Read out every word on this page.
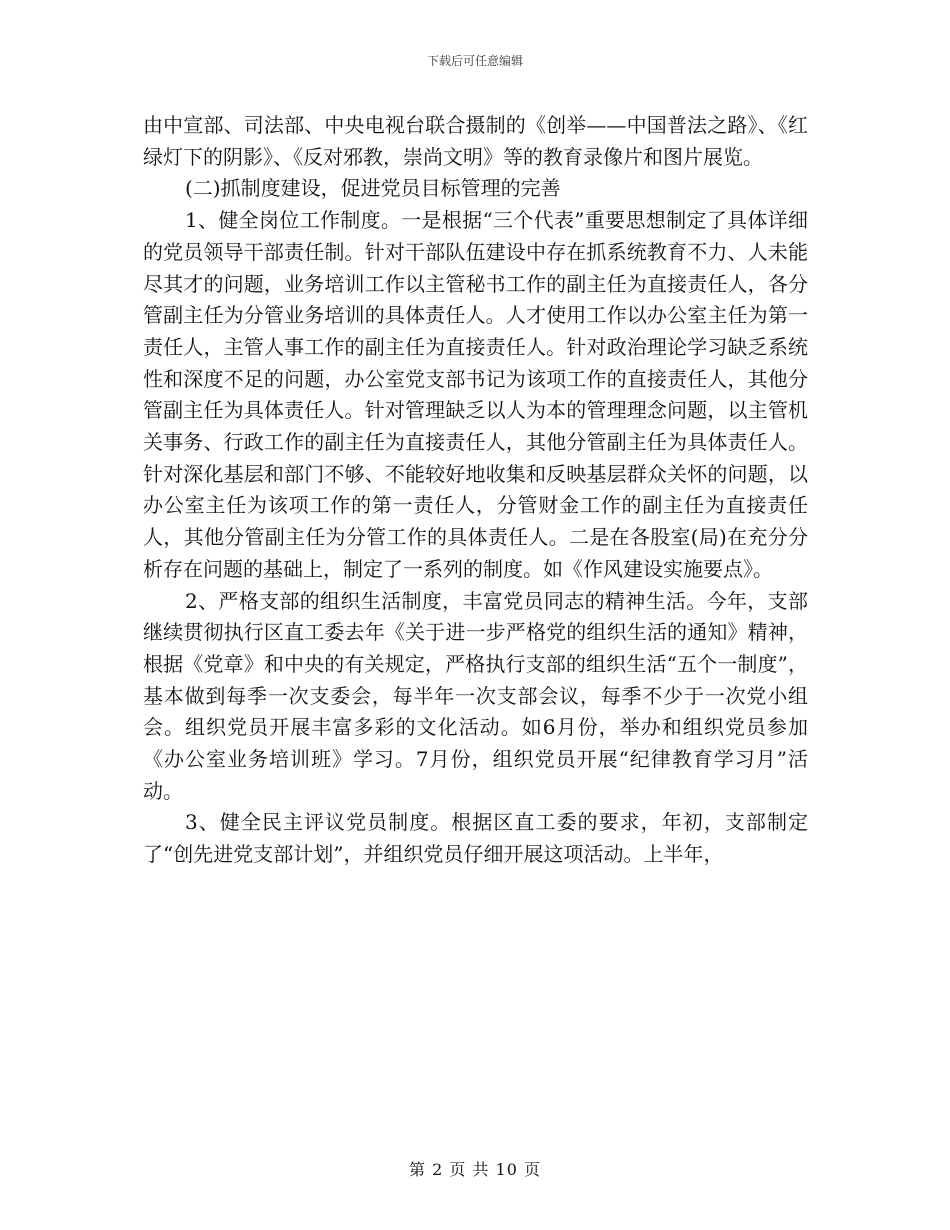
下载后可任意编辑

由中宣部、司法部、中央电视台联合摄制的《创举——中国普法之路》、《红绿灯下的阴影》、《反对邪教，崇尚文明》等的教育录像片和图片展览。

(二)抓制度建设，促进党员目标管理的完善

1、健全岗位工作制度。一是根据“三个代表”重要思想制定了具体详细的党员领导干部责任制。针对干部队伍建设中存在抓系统教育不力、人未能尽其才的问题，业务培训工作以主管秘书工作的副主任为直接责任人，各分管副主任为分管业务培训的具体责任人。人才使用工作以办公室主任为第一责任人，主管人事工作的副主任为直接责任人。针对政治理论学习缺乏系统性和深度不足的问题，办公室党支部书记为该项工作的直接责任人，其他分管副主任为具体责任人。针对管理缺乏以人为本的管理理念问题，以主管机关事务、行政工作的副主任为直接责任人，其他分管副主任为具体责任人。针对深化基层和部门不够、不能较好地收集和反映基层群众关怀的问题，以办公室主任为该项工作的第一责任人，分管财金工作的副主任为直接责任人，其他分管副主任为分管工作的具体责任人。二是在各股室(局)在充分分析存在问题的基础上，制定了一系列的制度。如《作风建设实施要点》。

2、严格支部的组织生活制度，丰富党员同志的精神生活。今年，支部继续贯彻执行区直工委去年《关于进一步严格党的组织生活的通知》精神，根据《党章》和中央的有关规定，严格执行支部的组织生活“五个一制度”，基本做到每季一次支委会，每半年一次支部会议，每季不少于一次党小组会。组织党员开展丰富多彩的文化活动。如6月份，举办和组织党员参加《办公室业务培训班》学习。7月份，组织党员开展“纪律教育学习月”活动。

3、健全民主评议党员制度。根据区直工委的要求，年初，支部制定了“创先进党支部计划”，并组织党员仔细开展这项活动。上半年，

第 2 页 共 10 页
